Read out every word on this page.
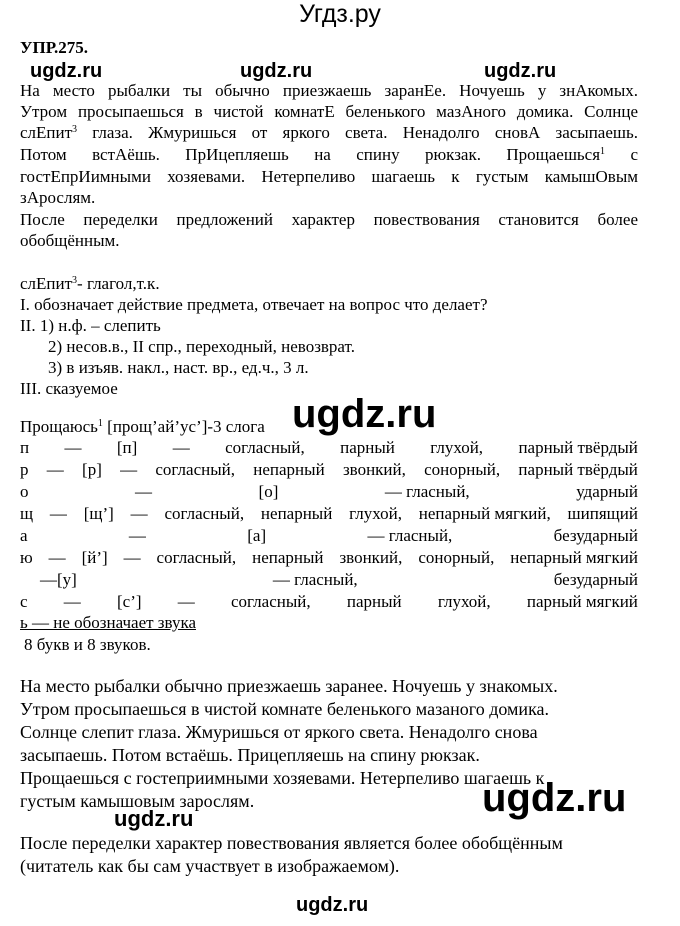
Угдз.ру
УПР.275.
ugdz.ru	ugdz.ru	ugdz.ru
На место рыбалки ты обычно приезжаешь заранЕе. Ночуешь у знАкомых.
Утром просыпаешься в чистой комнатЕ беленького мазАного домика. Солнце
слЕпит$^3$ глаза. Жмуришься от яркого света. Ненадолго сновА засыпаешь.
Потом встАёшь. ПрИцепляешь на спину рюкзак. Прощаешься$^1$ с
гостЕпрИимными хозяевами. Нетерпеливо шагаешь к густым камышОвым
зАрослям.
После переделки предложений характер повествования становится более
обобщённым.
слЕпит$^3$- глагол,т.к.
I. обозначает действие предмета, отвечает на вопрос что делает?
II. 1) н.ф. – слепить
2) несов.в., II спр., переходный, невозврат.
3) в изъяв. накл., наст. вр., ед.ч., 3 л.
III. сказуемое
Прощаюсь$^1$ [прощ’ай’ус’]-3 слога ugdz.ru
п — [п] — согласный, парный глухой, парный твёрдый
р — [р] — согласный, непарный звонкий, сонорный, парный твёрдый
о	—	[о]	— гласный,	ударный
щ — [щ’] — согласный, непарный глухой, непарный мягкий, шипящий
а	—	[а]	— гласный,	безударный
ю — [й’] — согласный, непарный звонкий, сонорный, непарный мягкий
—[у]	— гласный,	безударный
с — [с’] — согласный, парный глухой, парный мягкий
ь — не обозначает звука
8 букв и 8 звуков.
На место рыбалки обычно приезжаешь заранее. Ночуешь у знакомых.
Утром просыпаешься в чистой комнате беленького мазаного домика.
Солнце слепит глаза. Жмуришься от яркого света. Ненадолго снова
засыпаешь. Потом встаёшь. Прицепляешь на спину рюкзак.
Прощаешься с гостеприимными хозяевами. Нетерпеливо шагаешь к
густым камышовым зарослям.	ugdz.ru
ugdz.ru
После переделки характер повествования является более обобщённым
(читатель как бы сам участвует в изображаемом).
ugdz.ru
